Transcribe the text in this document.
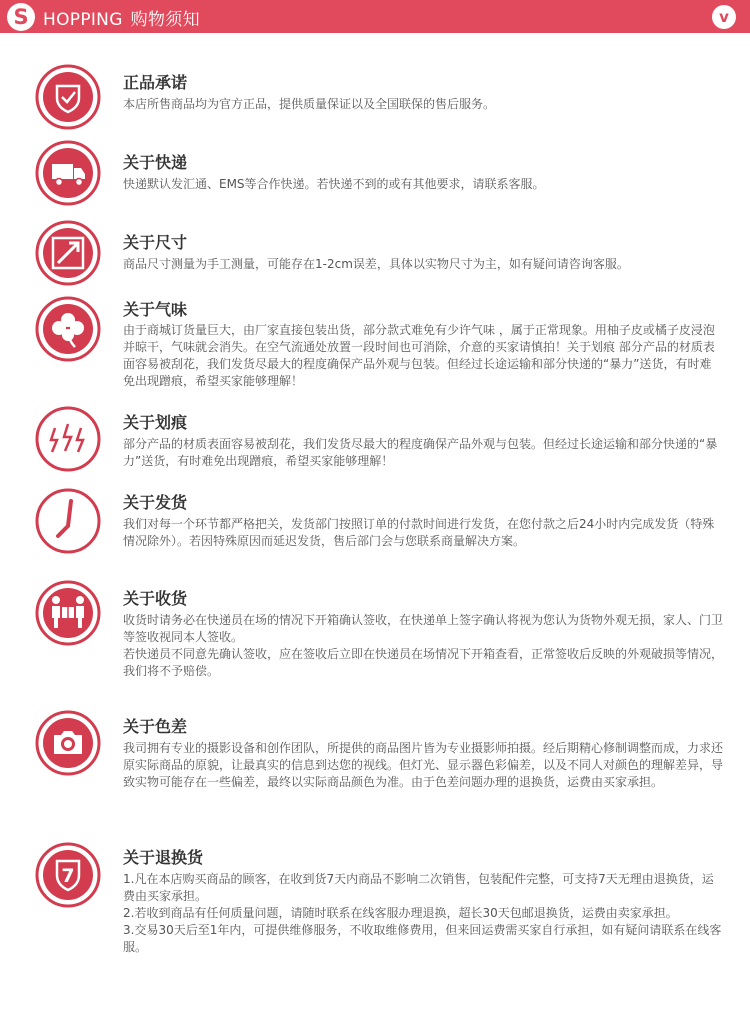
S HOPPING 购物须知	v
正品承诺

本店所售商品均为官方正品，提供质量保证以及全国联保的售后服务。

关于快递

快递默认发汇通、EMS等合作快递。若快递不到的或有其他要求，请联系客服。

关于尺寸

商品尺寸测量为手工测量，可能存在1-2cm误差，具体以实物尺寸为主，如有疑问请咨询客服。

关于气味

由于商城订货量巨大，由厂家直接包装出货，部分款式难免有少许气味 ，属于正常现象。用柚子皮或橘子皮浸泡并晾干，气味就会消失。在空气流通处放置一段时间也可消除，介意的买家请慎拍！关于划痕 部分产品的材质表面容易被刮花，我们发货尽最大的程度确保产品外观与包装。但经过长途运输和部分快递的“暴力”送货，有时难免出现蹭痕，希望买家能够理解！

关于划痕

部分产品的材质表面容易被刮花，我们发货尽最大的程度确保产品外观与包装。但经过长途运输和部分快递的“暴力”送货，有时难免出现蹭痕，希望买家能够理解！

关于发货

我们对每一个环节都严格把关，发货部门按照订单的付款时间进行发货，在您付款之后24小时内完成发货（特殊情况除外）。若因特殊原因而延迟发货，售后部门会与您联系商量解决方案。

关于收货

收货时请务必在快递员在场的情况下开箱确认签收，在快递单上签字确认将视为您认为货物外观无损，家人、门卫等签收视同本人签收。

若快递员不同意先确认签收，应在签收后立即在快递员在场情况下开箱查看，正常签收后反映的外观破损等情况，我们将不予赔偿。

关于色差

我司拥有专业的摄影设备和创作团队，所提供的商品图片皆为专业摄影师拍摄。经后期精心修制调整而成，力求还原实际商品的原貌，让最真实的信息到达您的视线。但灯光、显示器色彩偏差，以及不同人对颜色的理解差异，导致实物可能存在一些偏差，最终以实际商品颜色为准。由于色差问题办理的退换货，运费由买家承担。

7
关于退换货

1.凡在本店购买商品的顾客，在收到货7天内商品不影响二次销售，包装配件完整，可支持7天无理由退换货，运费由买家承担。

2.若收到商品有任何质量问题，请随时联系在线客服办理退换，超长30天包邮退换货，运费由卖家承担。

3.交易30天后至1年内，可提供维修服务，不收取维修费用，但来回运费需买家自行承担，如有疑问请联系在线客服。
